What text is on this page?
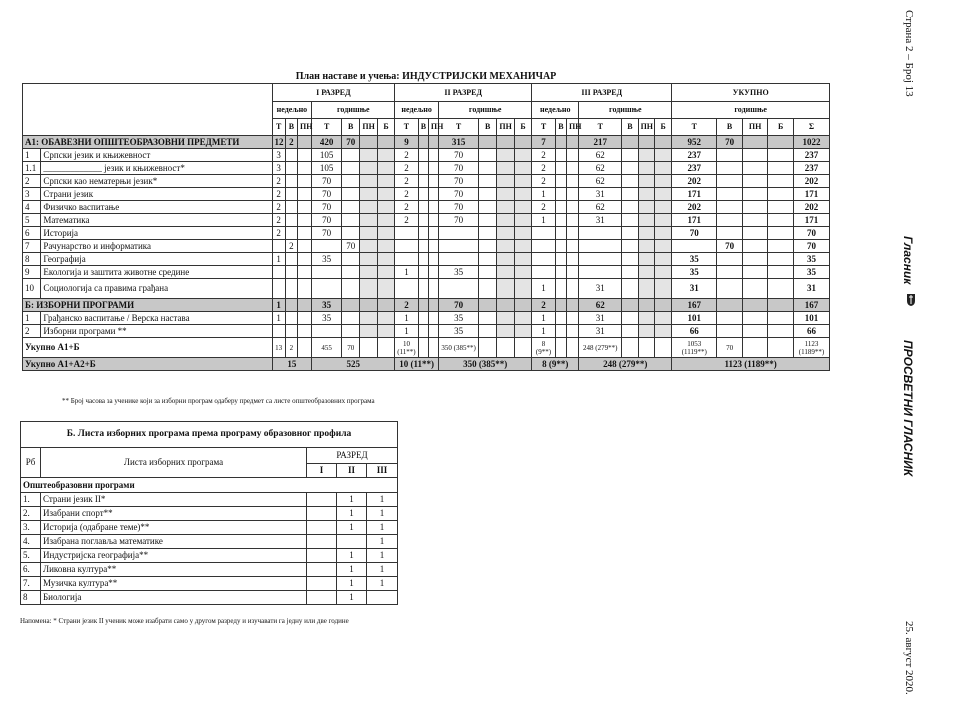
План наставе и учења: ИНДУСТРИЈСКИ МЕХАНИЧАР
		I РАЗРЕД							II РАЗРЕД							III РАЗРЕД							УКУПНО				
		недељно			годишње				недељно			годишње				недељно			годишње				годишње				
		Т	В	ПН	Т	В	ПН	Б	Т	В	ПН	Т	В	ПН	Б	Т	В	ПН	Т	В	ПН	Б	Т	В	ПН	Б	Σ
А1: ОБАВЕЗНИ ОПШТЕОБРАЗОВНИ ПРЕДМЕТИ		12	2		420	70			9			315				7			217				952	70			1022
1	Српски језик и књижевност	3			105				2			70				2			62				237				237
1.1	_____________ језик и књижевност*	3			105				2			70				2			62				237				237
2	Српски као нематерњи језик*	2			70				2			70				2			62				202				202
3	Страни језик	2			70				2			70				1			31				171				171
4	Физичко васпитање	2			70				2			70				2			62				202				202
5	Математика	2			70				2			70				1			31				171				171
6	Историја	2			70																		70				70
7	Рачунарство и информатика		2			70																		70			70
8	Географија	1			35																		35				35
9	Екологија и заштита животне средине								1			35											35				35
10	Социологија са правима грађана															1			31				31				31
Б: ИЗБОРНИ ПРОГРАМИ		1			35				2			70				2			62				167				167
1	Грађанско васпитање / Верска настава	1			35				1			35				1			31				101				101
2	Изборни програми **								1			35				1			31				66				66
Укупно А1+Б		13	2		455	70			10 (11**)			350 (385**)				8 (9**)			248 (279**)				1053 (1119**)	70			1123 (1189**)
Укупно А1+А2+Б		15			525				10 (11**)			350 (385**)				8 (9**)			248 (279**)				1123 (1189**)				
** Број часова за ученике који за изборни програм одаберу предмет са листе општеобразовних програма
Б. Листа изборних програма према програму образовног профила				
Рб	Листа изборних програма	РАЗРЕД		
		I	II	III
Општеобразовни програми				
1.	Страни језик II*		1	1
2.	Изабрани спорт**		1	1
3.	Историја (одабране теме)**		1	1
4.	Изабрана поглавља математике			1
5.	Индустријска географија**		1	1
6.	Ликовна култура**		1	1
7.	Музичка култура**		1	1
8	Биологија		1	
Напомена: * Страни језик II ученик може изабрати само у другом разреду и изучавати га једну или две године
Страна 2 – Број 13
Гласник
ПРОСВЕТНИ ГЛАСНИК
25. август 2020.
